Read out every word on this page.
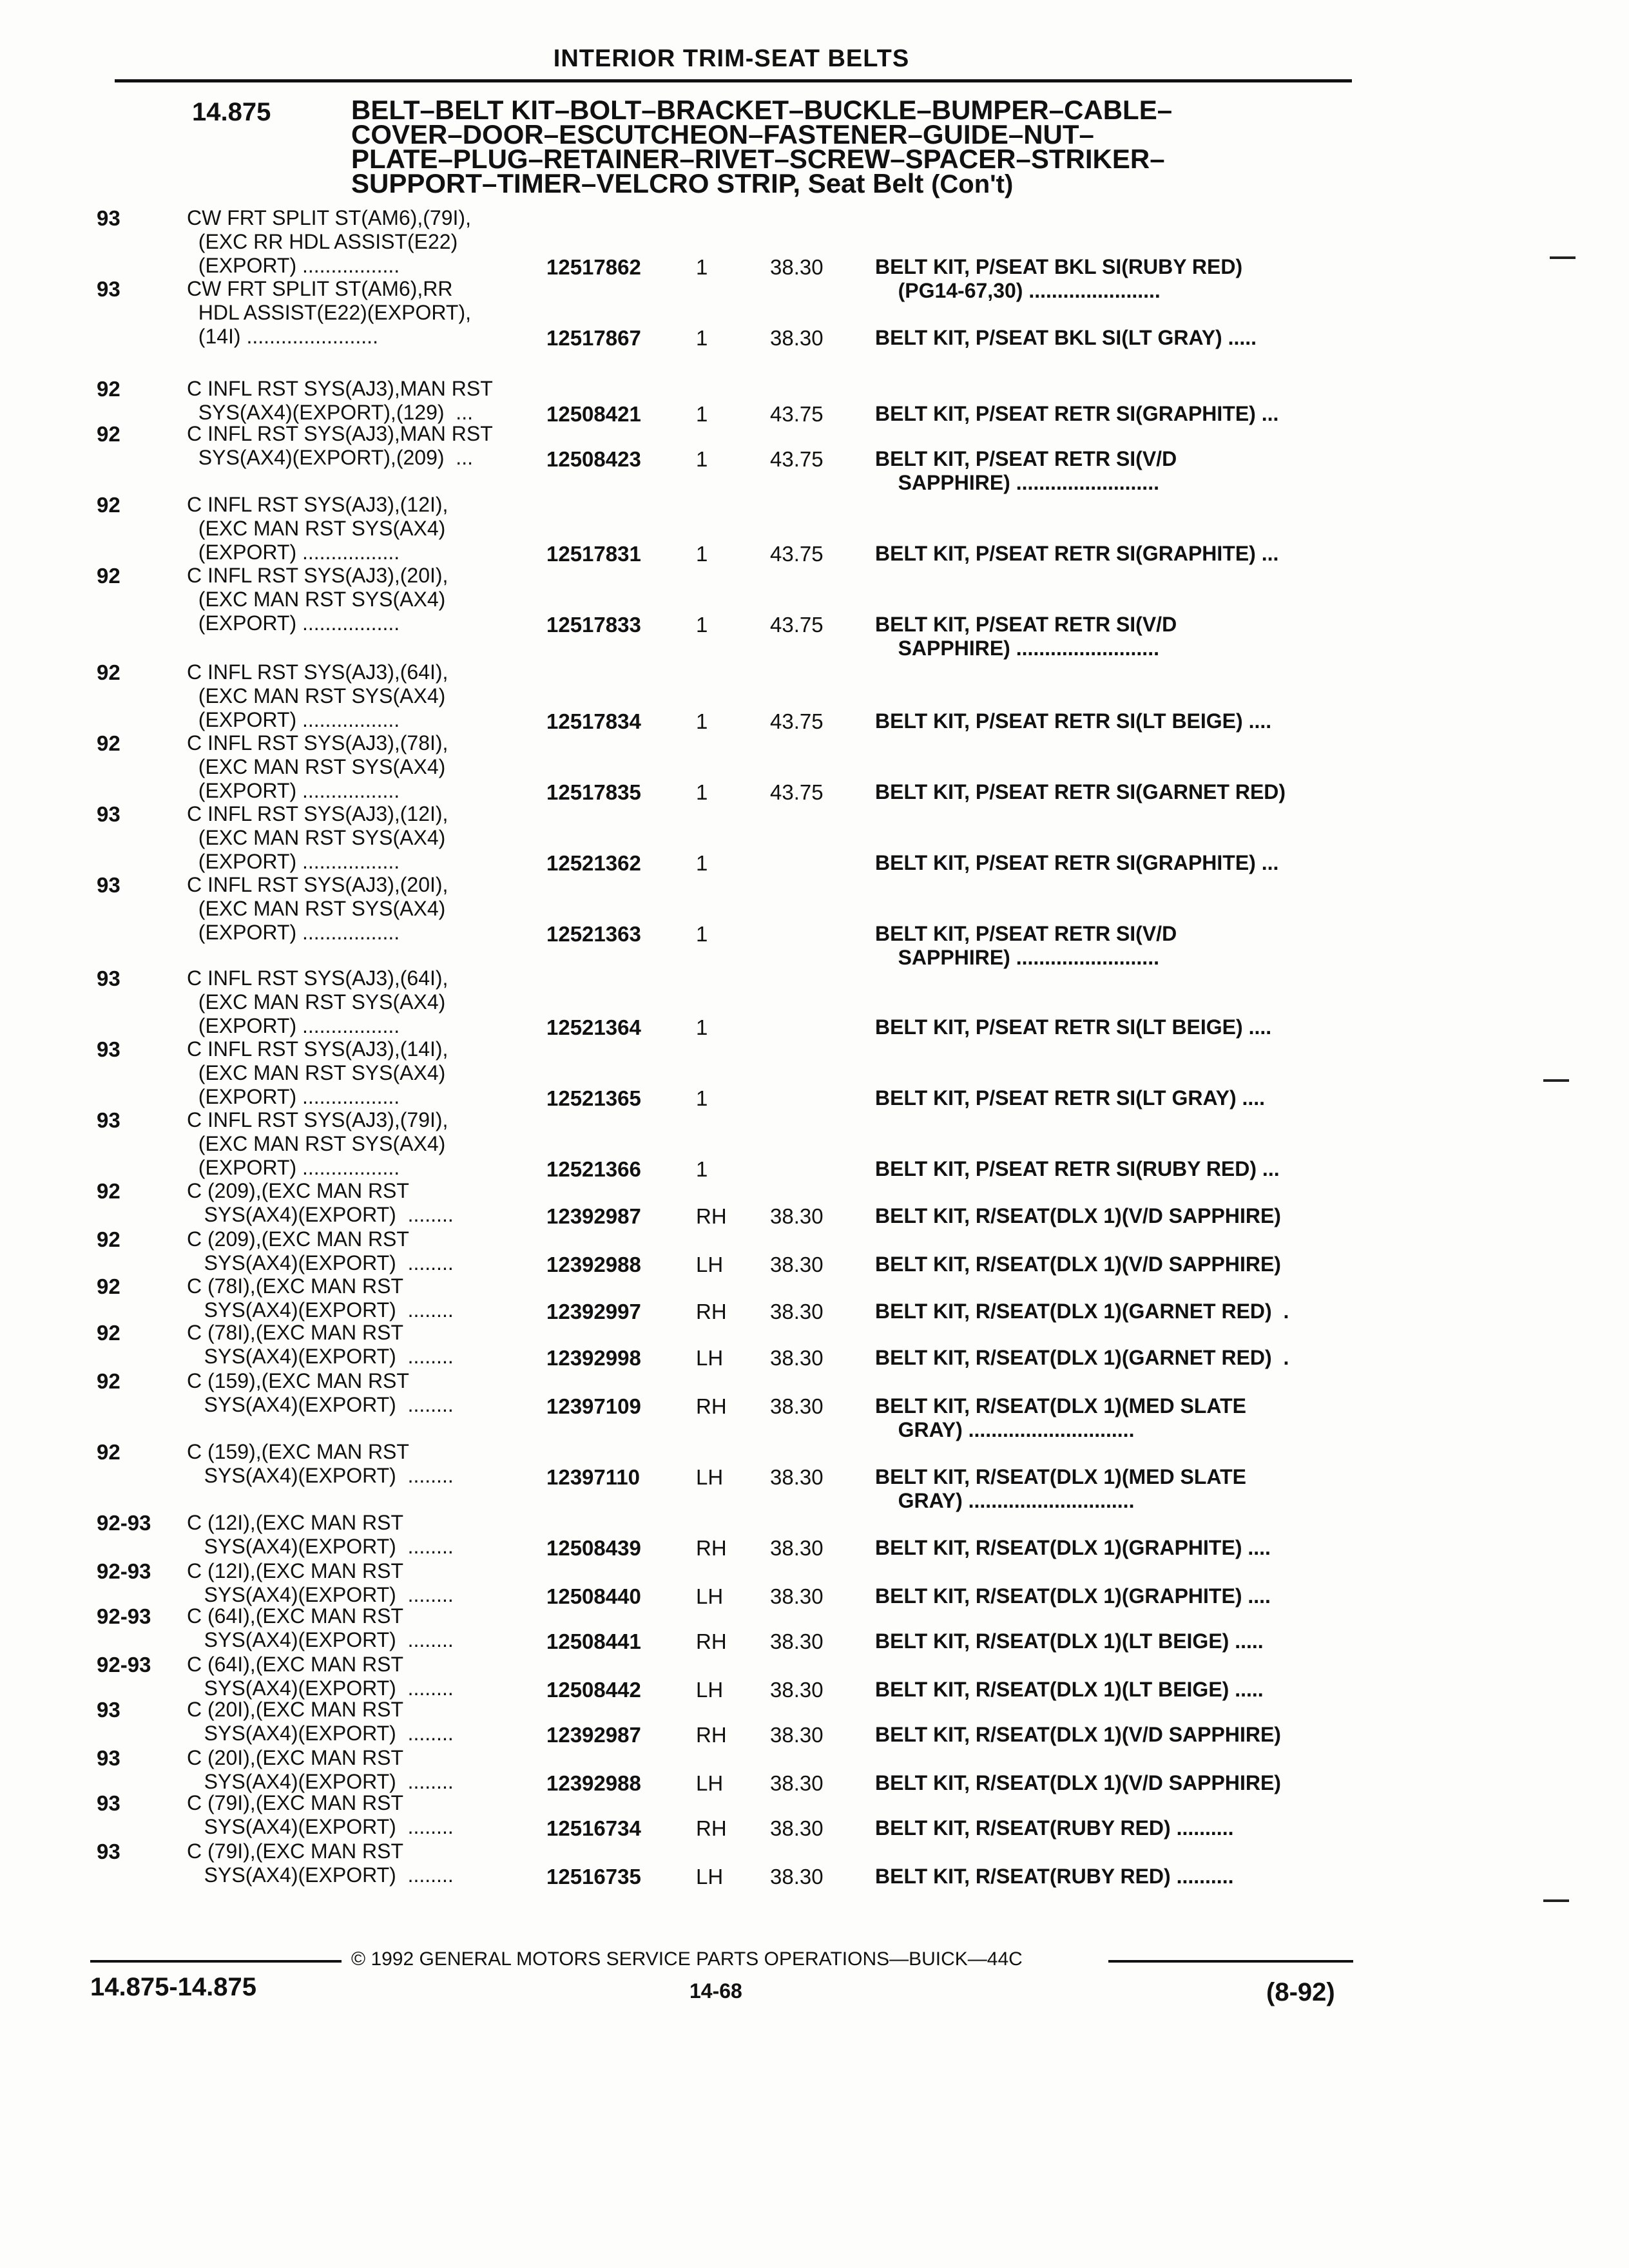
INTERIOR TRIM-SEAT BELTS
14.875	BELT–BELT KIT–BOLT–BRACKET–BUCKLE–BUMPER–CABLE–
COVER–DOOR–ESCUTCHEON–FASTENER–GUIDE–NUT–
PLATE–PLUG–RETAINER–RIVET–SCREW–SPACER–STRIKER–
SUPPORT–TIMER–VELCRO STRIP, Seat Belt (Con't)
93	CW FRT SPLIT ST(AM6),(79I),
(EXC RR HDL ASSIST(E22)
(EXPORT) .................	12517862	1	38.30	BELT KIT, P/SEAT BKL SI(RUBY RED)
(PG14-67,30) .......................
93	CW FRT SPLIT ST(AM6),RR
HDL ASSIST(E22)(EXPORT),
(14I) .......................	12517867	1	38.30	BELT KIT, P/SEAT BKL SI(LT GRAY) .....
92	C INFL RST SYS(AJ3),MAN RST
SYS(AX4)(EXPORT),(129)  ...	12508421	1	43.75	BELT KIT, P/SEAT RETR SI(GRAPHITE) ...
92	C INFL RST SYS(AJ3),MAN RST
SYS(AX4)(EXPORT),(209)  ...	12508423	1	43.75	BELT KIT, P/SEAT RETR SI(V/D
SAPPHIRE) .........................
92	C INFL RST SYS(AJ3),(12I),
(EXC MAN RST SYS(AX4)
(EXPORT) .................	12517831	1	43.75	BELT KIT, P/SEAT RETR SI(GRAPHITE) ...
92	C INFL RST SYS(AJ3),(20I),
(EXC MAN RST SYS(AX4)
(EXPORT) .................	12517833	1	43.75	BELT KIT, P/SEAT RETR SI(V/D
SAPPHIRE) .........................
92	C INFL RST SYS(AJ3),(64I),
(EXC MAN RST SYS(AX4)
(EXPORT) .................	12517834	1	43.75	BELT KIT, P/SEAT RETR SI(LT BEIGE) ....
92	C INFL RST SYS(AJ3),(78I),
(EXC MAN RST SYS(AX4)
(EXPORT) .................	12517835	1	43.75	BELT KIT, P/SEAT RETR SI(GARNET RED)
93	C INFL RST SYS(AJ3),(12I),
(EXC MAN RST SYS(AX4)
(EXPORT) .................	12521362	1	BELT KIT, P/SEAT RETR SI(GRAPHITE) ...
93	C INFL RST SYS(AJ3),(20I),
(EXC MAN RST SYS(AX4)
(EXPORT) .................	12521363	1	BELT KIT, P/SEAT RETR SI(V/D
SAPPHIRE) .........................
93	C INFL RST SYS(AJ3),(64I),
(EXC MAN RST SYS(AX4)
(EXPORT) .................	12521364	1	BELT KIT, P/SEAT RETR SI(LT BEIGE) ....
93	C INFL RST SYS(AJ3),(14I),
(EXC MAN RST SYS(AX4)
(EXPORT) .................	12521365	1	BELT KIT, P/SEAT RETR SI(LT GRAY) ....
93	C INFL RST SYS(AJ3),(79I),
(EXC MAN RST SYS(AX4)
(EXPORT) .................	12521366	1	BELT KIT, P/SEAT RETR SI(RUBY RED) ...
92	C (209),(EXC MAN RST
SYS(AX4)(EXPORT)  ........	12392987	RH 38.30	BELT KIT, R/SEAT(DLX 1)(V/D SAPPHIRE)
92	C (209),(EXC MAN RST
SYS(AX4)(EXPORT)  ........	12392988	LH 38.30	BELT KIT, R/SEAT(DLX 1)(V/D SAPPHIRE)
92	C (78I),(EXC MAN RST
SYS(AX4)(EXPORT)  ........	12392997	RH 38.30	BELT KIT, R/SEAT(DLX 1)(GARNET RED)  .
92	C (78I),(EXC MAN RST
SYS(AX4)(EXPORT)  ........	12392998	LH 38.30	BELT KIT, R/SEAT(DLX 1)(GARNET RED)  .
92	C (159),(EXC MAN RST
SYS(AX4)(EXPORT)  ........	12397109	RH 38.30	BELT KIT, R/SEAT(DLX 1)(MED SLATE
GRAY) .............................
92	C (159),(EXC MAN RST
SYS(AX4)(EXPORT)  ........	12397110	LH 38.30	BELT KIT, R/SEAT(DLX 1)(MED SLATE
GRAY) .............................
92-93	C (12I),(EXC MAN RST
SYS(AX4)(EXPORT)  ........	12508439	RH 38.30	BELT KIT, R/SEAT(DLX 1)(GRAPHITE) ....
92-93	C (12I),(EXC MAN RST
SYS(AX4)(EXPORT)  ........	12508440	LH 38.30	BELT KIT, R/SEAT(DLX 1)(GRAPHITE) ....
92-93	C (64I),(EXC MAN RST
SYS(AX4)(EXPORT)  ........	12508441	RH 38.30	BELT KIT, R/SEAT(DLX 1)(LT BEIGE) .....
92-93	C (64I),(EXC MAN RST
SYS(AX4)(EXPORT)  ........	12508442	LH 38.30	BELT KIT, R/SEAT(DLX 1)(LT BEIGE) .....
93	C (20I),(EXC MAN RST
SYS(AX4)(EXPORT)  ........	12392987	RH 38.30	BELT KIT, R/SEAT(DLX 1)(V/D SAPPHIRE)
93	C (20I),(EXC MAN RST
SYS(AX4)(EXPORT)  ........	12392988	LH 38.30	BELT KIT, R/SEAT(DLX 1)(V/D SAPPHIRE)
93	C (79I),(EXC MAN RST
SYS(AX4)(EXPORT)  ........	12516734	RH 38.30	BELT KIT, R/SEAT(RUBY RED) ..........
93	C (79I),(EXC MAN RST
SYS(AX4)(EXPORT)  ........	12516735	LH 38.30	BELT KIT, R/SEAT(RUBY RED) ..........
© 1992 GENERAL MOTORS SERVICE PARTS OPERATIONS—BUICK—44C
14.875-14.875	14-68	(8-92)
